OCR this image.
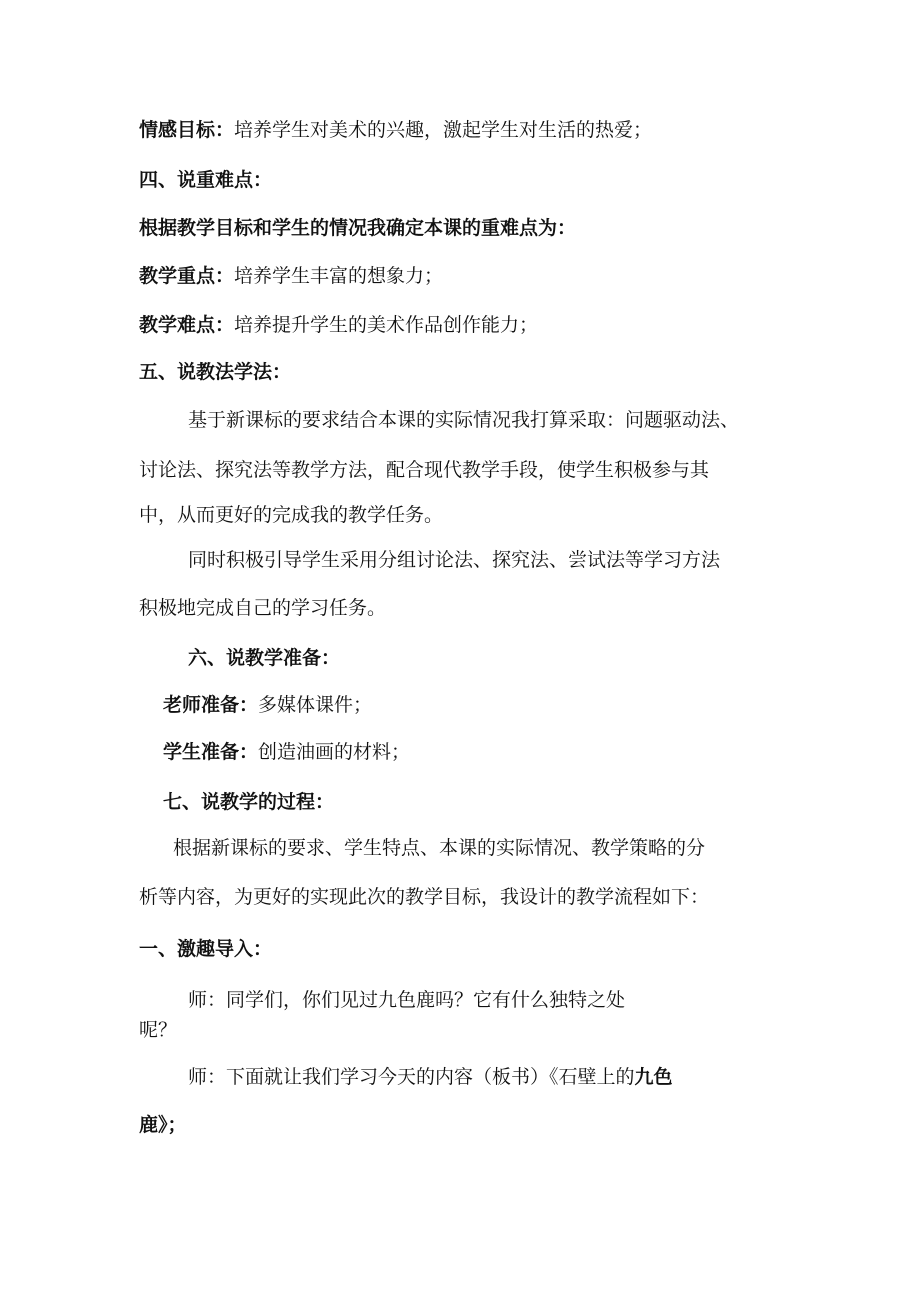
情感目标：培养学生对美术的兴趣，激起学生对生活的热爱；
四、说重难点：
根据教学目标和学生的情况我确定本课的重难点为：
教学重点：培养学生丰富的想象力；
教学难点：培养提升学生的美术作品创作能力；
五、说教法学法：
基于新课标的要求结合本课的实际情况我打算采取：问题驱动法、
讨论法、探究法等教学方法，配合现代教学手段，使学生积极参与其
中，从而更好的完成我的教学任务。
同时积极引导学生采用分组讨论法、探究法、尝试法等学习方法
积极地完成自己的学习任务。
六、说教学准备：
老师准备：多媒体课件；
学生准备：创造油画的材料；
七、说教学的过程：
根据新课标的要求、学生特点、本课的实际情况、教学策略的分
析等内容，为更好的实现此次的教学目标，我设计的教学流程如下：
一、激趣导入：
师：同学们，你们见过九色鹿吗？它有什么独特之处
呢？
师：下面就让我们学习今天的内容（板书）《石壁上的九色
鹿》；
